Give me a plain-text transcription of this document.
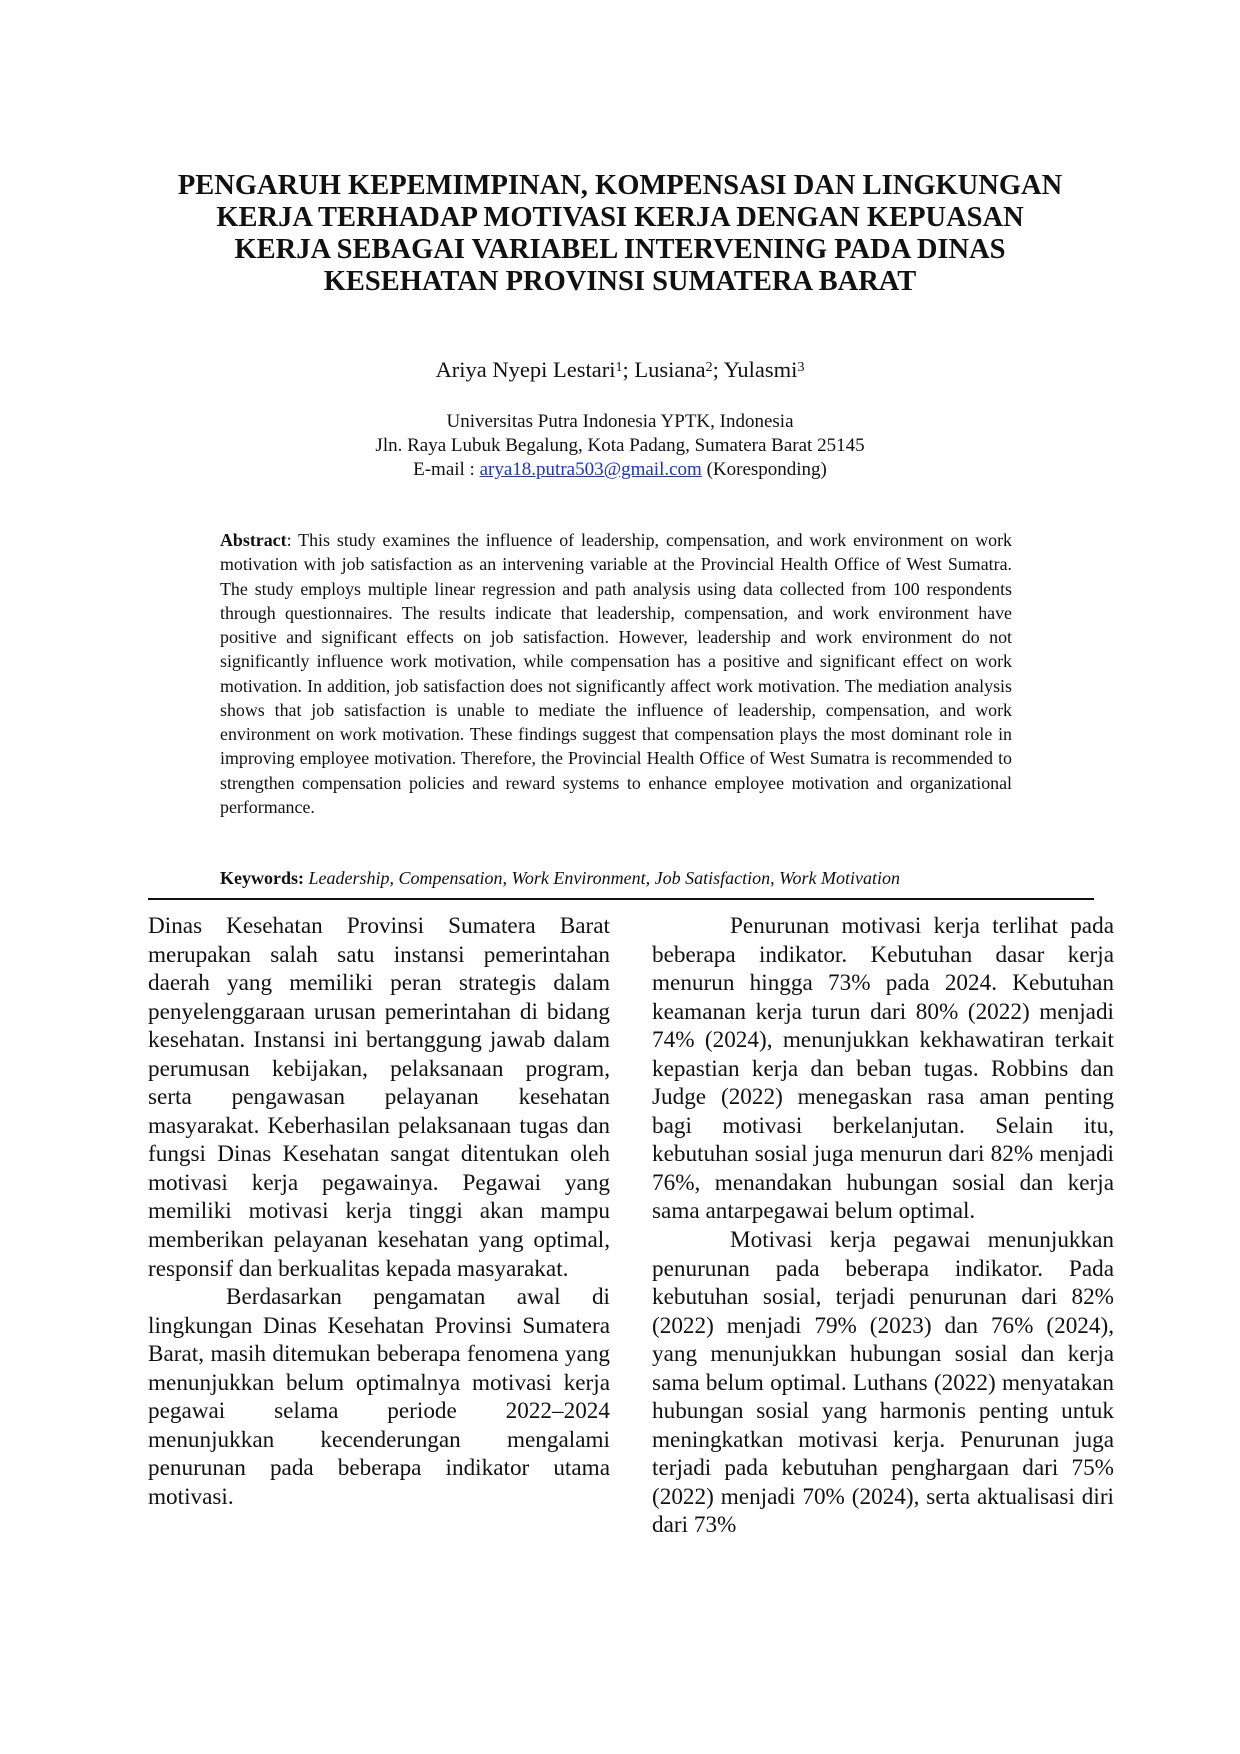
PENGARUH KEPEMIMPINAN, KOMPENSASI DAN LINGKUNGAN
KERJA TERHADAP MOTIVASI KERJA DENGAN KEPUASAN
KERJA SEBAGAI VARIABEL INTERVENING PADA DINAS
KESEHATAN PROVINSI SUMATERA BARAT
Ariya Nyepi Lestari$^1$; Lusiana$^2$; Yulasmi$^3$
Universitas Putra Indonesia YPTK, Indonesia
Jln. Raya Lubuk Begalung, Kota Padang, Sumatera Barat 25145
E-mail : arya18.putra503@gmail.com (Koresponding)
Abstract: This study examines the influence of leadership, compensation, and work environment on work motivation with job satisfaction as an intervening variable at the Provincial Health Office of West Sumatra. The study employs multiple linear regression and path analysis using data collected from 100 respondents through questionnaires. The results indicate that leadership, compensation, and work environment have positive and significant effects on job satisfaction. However, leadership and work environment do not significantly influence work motivation, while compensation has a positive and significant effect on work motivation. In addition, job satisfaction does not significantly affect work motivation. The mediation analysis shows that job satisfaction is unable to mediate the influence of leadership, compensation, and work environment on work motivation. These findings suggest that compensation plays the most dominant role in improving employee motivation. Therefore, the Provincial Health Office of West Sumatra is recommended to strengthen compensation policies and reward systems to enhance employee motivation and organizational performance.
Keywords: Leadership, Compensation, Work Environment, Job Satisfaction, Work Motivation

Dinas Kesehatan Provinsi Sumatera Barat merupakan salah satu instansi pemerintahan daerah yang memiliki peran strategis dalam penyelenggaraan urusan pemerintahan di bidang kesehatan. Instansi ini bertanggung jawab dalam perumusan kebijakan, pelaksanaan program, serta pengawasan pelayanan kesehatan masyarakat. Keberhasilan pelaksanaan tugas dan fungsi Dinas Kesehatan sangat ditentukan oleh motivasi kerja pegawainya. Pegawai yang memiliki motivasi kerja tinggi akan mampu memberikan pelayanan kesehatan yang optimal, responsif dan berkualitas kepada masyarakat.

Berdasarkan pengamatan awal di lingkungan Dinas Kesehatan Provinsi Sumatera Barat, masih ditemukan beberapa fenomena yang menunjukkan belum optimalnya motivasi kerja pegawai selama periode 2022–2024 menunjukkan kecenderungan mengalami penurunan pada beberapa indikator utama motivasi.

Penurunan motivasi kerja terlihat pada beberapa indikator. Kebutuhan dasar kerja menurun hingga 73% pada 2024. Kebutuhan keamanan kerja turun dari 80% (2022) menjadi 74% (2024), menunjukkan kekhawatiran terkait kepastian kerja dan beban tugas. Robbins dan Judge (2022) menegaskan rasa aman penting bagi motivasi berkelanjutan. Selain itu, kebutuhan sosial juga menurun dari 82% menjadi 76%, menandakan hubungan sosial dan kerja sama antarpegawai belum optimal.

Motivasi kerja pegawai menunjukkan penurunan pada beberapa indikator. Pada kebutuhan sosial, terjadi penurunan dari 82% (2022) menjadi 79% (2023) dan 76% (2024), yang menunjukkan hubungan sosial dan kerja sama belum optimal. Luthans (2022) menyatakan hubungan sosial yang harmonis penting untuk meningkatkan motivasi kerja. Penurunan juga terjadi pada kebutuhan penghargaan dari 75% (2022) menjadi 70% (2024), serta aktualisasi diri dari 73%
